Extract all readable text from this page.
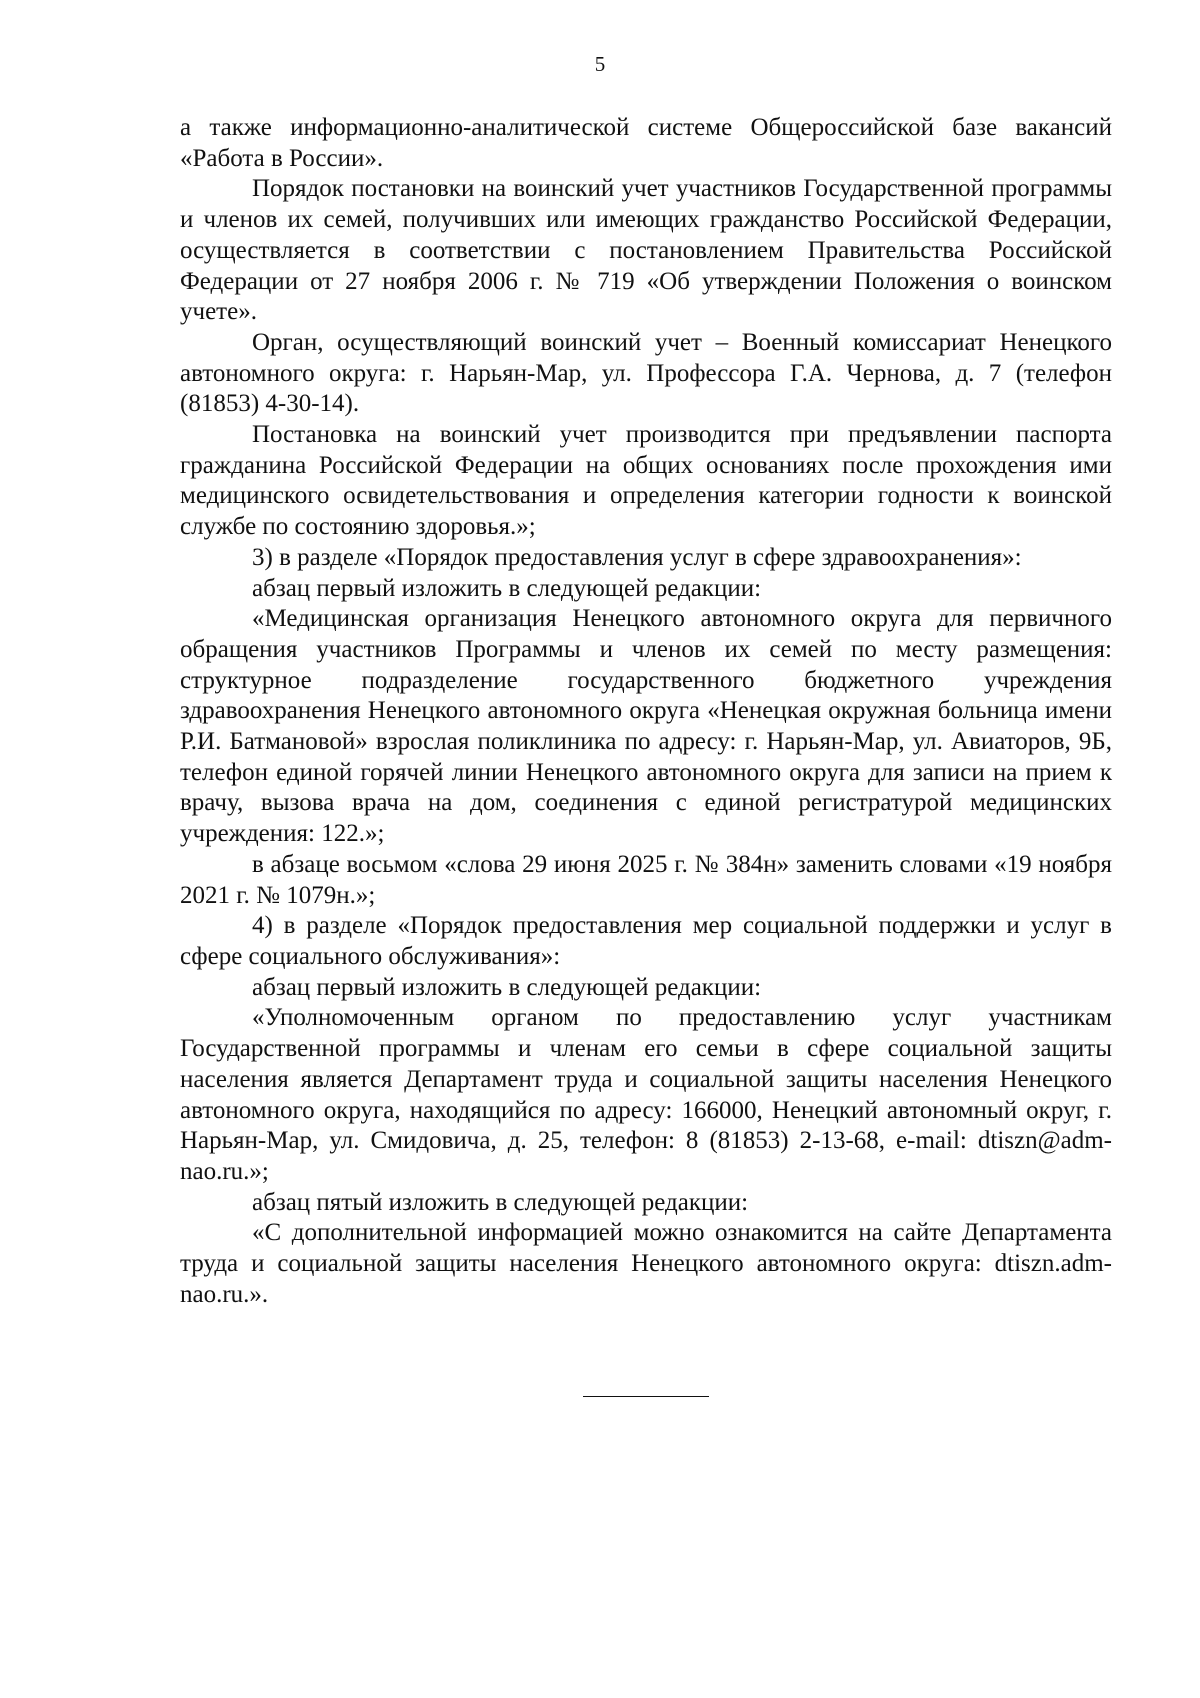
5

а также информационно-аналитической системе Общероссийской базе вакансий «Работа в России».

Порядок постановки на воинский учет участников Государственной программы и членов их семей, получивших или имеющих гражданство Российской Федерации, осуществляется в соответствии с постановлением Правительства Российской Федерации от 27 ноября 2006 г. № 719 «Об утверждении Положения о воинском учете».

Орган, осуществляющий воинский учет – Военный комиссариат Ненецкого автономного округа: г. Нарьян-Мар, ул. Профессора Г.А. Чернова, д. 7 (телефон (81853) 4-30-14).

Постановка на воинский учет производится при предъявлении паспорта гражданина Российской Федерации на общих основаниях после прохождения ими медицинского освидетельствования и определения категории годности к воинской службе по состоянию здоровья.»;

3) в разделе «Порядок предоставления услуг в сфере здравоохранения»:

абзац первый изложить в следующей редакции:

«Медицинская организация Ненецкого автономного округа для первичного обращения участников Программы и членов их семей по месту размещения: структурное подразделение государственного бюджетного учреждения здравоохранения Ненецкого автономного округа «Ненецкая окружная больница имени Р.И. Батмановой» взрослая поликлиника по адресу: г. Нарьян-Мар, ул. Авиаторов, 9Б, телефон единой горячей линии Ненецкого автономного округа для записи на прием к врачу, вызова врача на дом, соединения с единой регистратурой медицинских учреждения: 122.»;

в абзаце восьмом «слова 29 июня 2025 г. № 384н» заменить словами «19 ноября 2021 г. № 1079н.»;

4) в разделе «Порядок предоставления мер социальной поддержки и услуг в сфере социального обслуживания»:

абзац первый изложить в следующей редакции:

«Уполномоченным органом по предоставлению услуг участникам Государственной программы и членам его семьи в сфере социальной защиты населения является Департамент труда и социальной защиты населения Ненецкого автономного округа, находящийся по адресу: 166000, Ненецкий автономный округ, г. Нарьян-Мар, ул. Смидовича, д. 25, телефон: 8 (81853) 2-13-68, e-mail: dtiszn@adm-nao.ru.»;

абзац пятый изложить в следующей редакции:

«С дополнительной информацией можно ознакомится на сайте Департамента труда и социальной защиты населения Ненецкого автономного округа: dtiszn.adm-nao.ru.».
